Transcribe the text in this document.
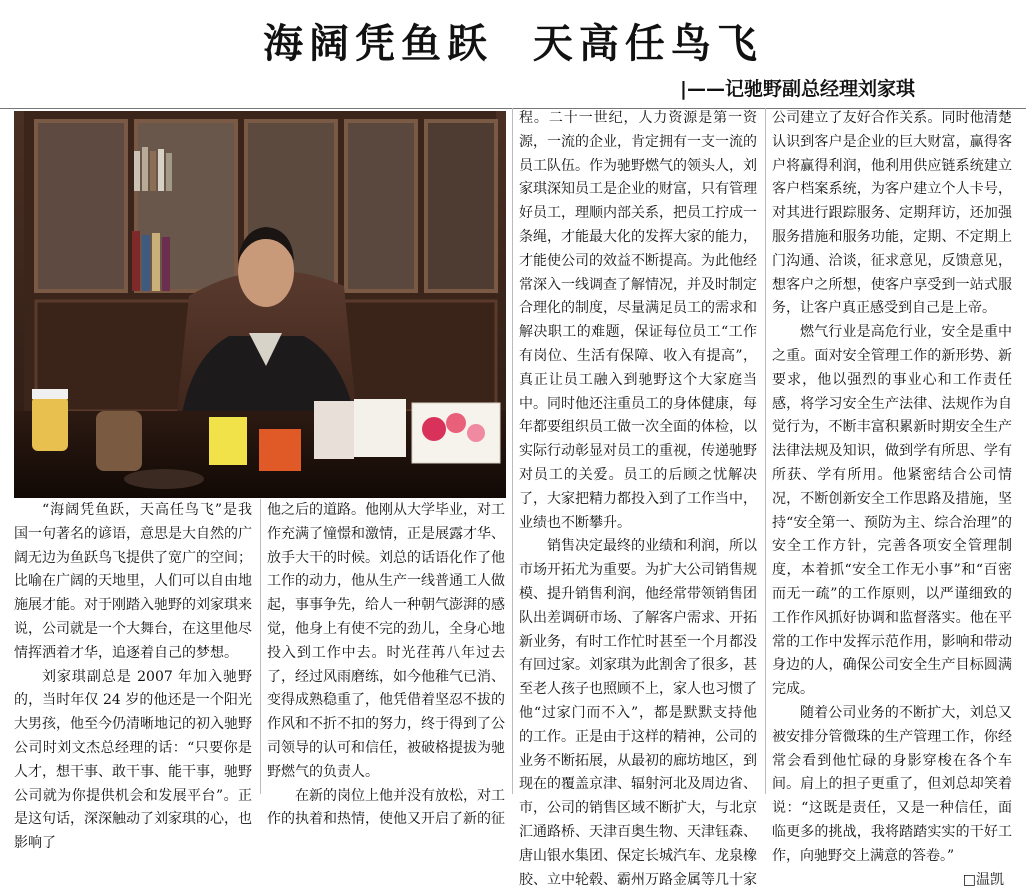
海阔凭鱼跃  天高任鸟飞
|——记驰野副总经理刘家琪

“海阔凭鱼跃，天高任鸟飞”是我国一句著名的谚语，意思是大自然的广阔无边为鱼跃鸟飞提供了宽广的空间；比喻在广阔的天地里，人们可以自由地施展才能。对于刚踏入驰野的刘家琪来说，公司就是一个大舞台，在这里他尽情挥洒着才华，追逐着自己的梦想。

刘家琪副总是 2007 年加入驰野的，当时年仅 24 岁的他还是一个阳光大男孩，他至今仍清晰地记的初入驰野公司时刘文杰总经理的话：“只要你是人才，想干事、敢干事、能干事，驰野公司就为你提供机会和发展平台”。正是这句话，深深触动了刘家琪的心，也影响了

他之后的道路。他刚从大学毕业，对工作充满了憧憬和激情，正是展露才华、放手大干的时候。刘总的话语化作了他工作的动力，他从生产一线普通工人做起，事事争先，给人一种朝气澎湃的感觉，他身上有使不完的劲儿，全身心地投入到工作中去。时光荏苒八年过去了，经过风雨磨练，如今他稚气已消、变得成熟稳重了，他凭借着坚忍不拔的作风和不折不扣的努力，终于得到了公司领导的认可和信任，被破格提拔为驰野燃气的负责人。

在新的岗位上他并没有放松，对工作的执着和热情，使他又开启了新的征

程。二十一世纪，人力资源是第一资源，一流的企业，肯定拥有一支一流的员工队伍。作为驰野燃气的领头人，刘家琪深知员工是企业的财富，只有管理好员工，理顺内部关系，把员工拧成一条绳，才能最大化的发挥大家的能力，才能使公司的效益不断提高。为此他经常深入一线调查了解情况，并及时制定合理化的制度，尽量满足员工的需求和解决职工的难题，保证每位员工“工作有岗位、生活有保障、收入有提高”，真正让员工融入到驰野这个大家庭当中。同时他还注重员工的身体健康，每年都要组织员工做一次全面的体检，以实际行动彰显对员工的重视，传递驰野对员工的关爱。员工的后顾之忧解决了，大家把精力都投入到了工作当中，业绩也不断攀升。

销售决定最终的业绩和利润，所以市场开拓尤为重要。为扩大公司销售规模、提升销售利润，他经常带领销售团队出差调研市场、了解客户需求、开拓新业务，有时工作忙时甚至一个月都没有回过家。刘家琪为此割舍了很多，甚至老人孩子也照顾不上，家人也习惯了他“过家门而不入”，都是默默支持他的工作。正是由于这样的精神，公司的业务不断拓展，从最初的廊坊地区，到现在的覆盖京津、辐射河北及周边省、市，公司的销售区域不断扩大，与北京汇通路桥、天津百奥生物、天津钰森、唐山银水集团、保定长城汽车、龙泉橡胶、立中轮毂、霸州万路金属等几十家

公司建立了友好合作关系。同时他清楚认识到客户是企业的巨大财富，赢得客户将赢得利润，他利用供应链系统建立客户档案系统，为客户建立个人卡号，对其进行跟踪服务、定期拜访，还加强服务措施和服务功能，定期、不定期上门沟通、洽谈，征求意见，反馈意见，想客户之所想，使客户享受到一站式服务，让客户真正感受到自己是上帝。

燃气行业是高危行业，安全是重中之重。面对安全管理工作的新形势、新要求，他以强烈的事业心和工作责任感，将学习安全生产法律、法规作为自觉行为，不断丰富积累新时期安全生产法律法规及知识，做到学有所思、学有所获、学有所用。他紧密结合公司情况，不断创新安全工作思路及措施，坚持“安全第一、预防为主、综合治理”的安全工作方针，完善各项安全管理制度，本着抓“安全工作无小事”和“百密而无一疏”的工作原则，以严谨细致的工作作风抓好协调和监督落实。他在平常的工作中发挥示范作用，影响和带动身边的人，确保公司安全生产目标圆满完成。

随着公司业务的不断扩大，刘总又被安排分管微珠的生产管理工作，你经常会看到他忙碌的身影穿梭在各个车间。肩上的担子更重了，但刘总却笑着说：“这既是责任，又是一种信任，面临更多的挑战，我将踏踏实实的干好工作，向驰野交上满意的答卷。”

□温凯
